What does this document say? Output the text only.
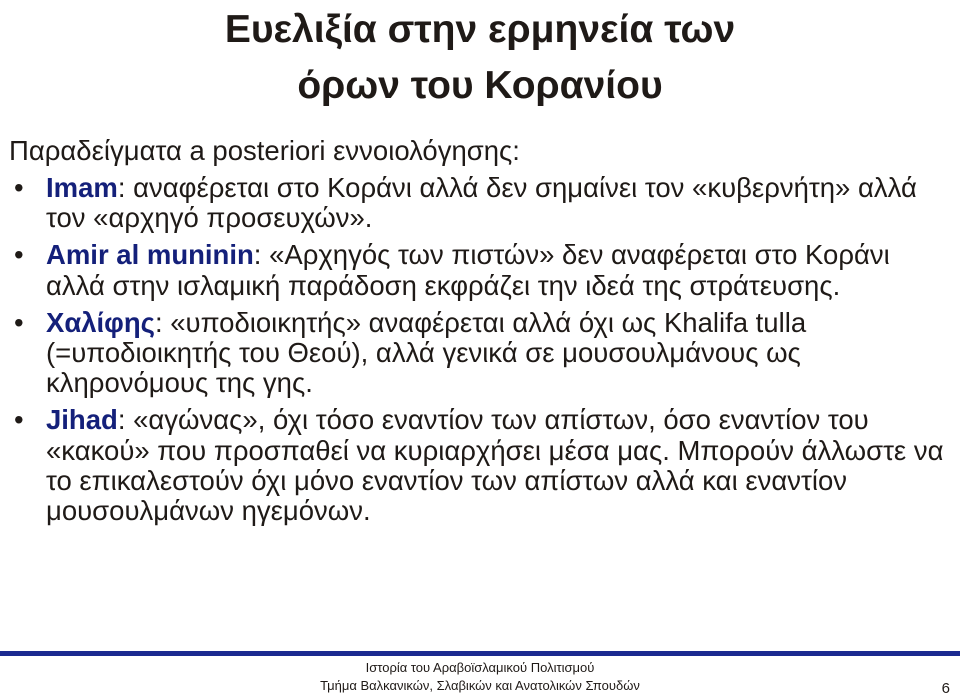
Ευελιξία στην ερμηνεία των
όρων του Κορανίου
Παραδείγματα a posteriori εννοιολόγησης:
• Imam: αναφέρεται στο Κοράνι αλλά δεν σημαίνει τον «κυβερνήτη» αλλά τον «αρχηγό προσευχών».
• Amir al muninin: «Αρχηγός των πιστών» δεν αναφέρεται στο Κοράνι αλλά στην ισλαμική παράδοση εκφράζει την ιδεά της στράτευσης.
• Χαλίφης: «υποδιοικητής» αναφέρεται αλλά όχι ως Khalifa tulla (=υποδιοικητής του Θεού), αλλά γενικά σε μουσουλμάνους ως κληρονόμους της γης.
• Jihad: «αγώνας», όχι τόσο εναντίον των απίστων, όσο εναντίον του «κακού» που προσπαθεί να κυριαρχήσει μέσα μας. Μπορούν άλλωστε να το επικαλεστούν όχι μόνο εναντίον των απίστων αλλά και εναντίον μουσουλμάνων ηγεμόνων.
Ιστορία του Αραβοϊσλαμικού Πολιτισμού
Τμήμα Βαλκανικών, Σλαβικών και Ανατολικών Σπουδών	6
